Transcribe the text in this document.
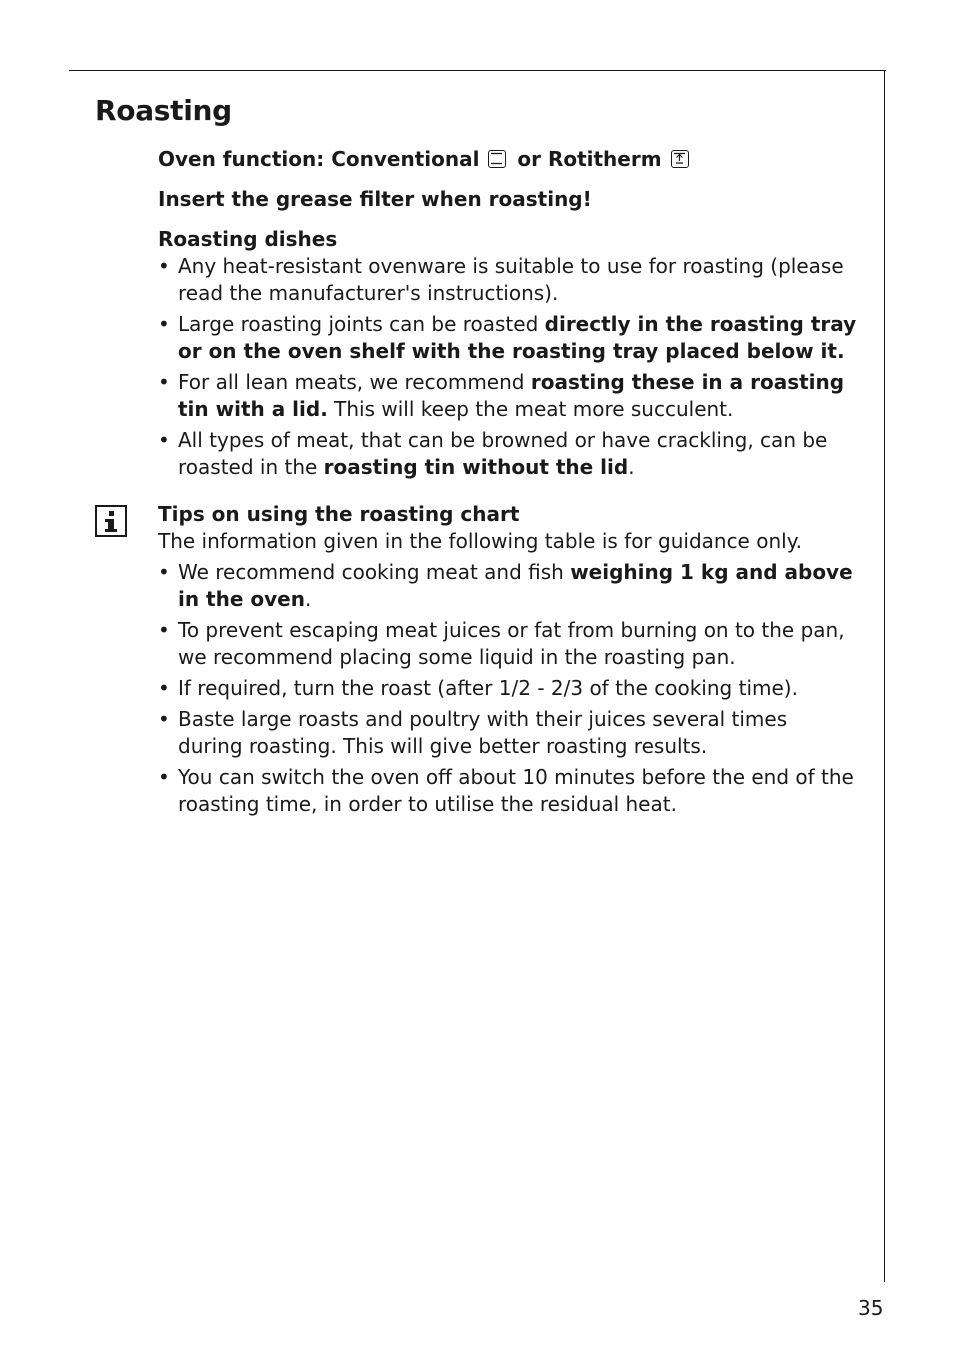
Roasting

Oven function: Conventional or Rotitherm

Insert the grease filter when roasting!

Roasting dishes

• Any heat-resistant ovenware is suitable to use for roasting (please read the manufacturer's instructions).
• Large roasting joints can be roasted directly in the roasting tray or on the oven shelf with the roasting tray placed below it.
• For all lean meats, we recommend roasting these in a roasting tin with a lid. This will keep the meat more succulent.
• All types of meat, that can be browned or have crackling, can be roasted in the roasting tin without the lid.

Tips on using the roasting chart

The information given in the following table is for guidance only.

• We recommend cooking meat and fish weighing 1 kg and above in the oven.
• To prevent escaping meat juices or fat from burning on to the pan, we recommend placing some liquid in the roasting pan.
• If required, turn the roast (after 1/2 - 2/3 of the cooking time).
• Baste large roasts and poultry with their juices several times during roasting. This will give better roasting results.
• You can switch the oven off about 10 minutes before the end of the roasting time, in order to utilise the residual heat.

35
